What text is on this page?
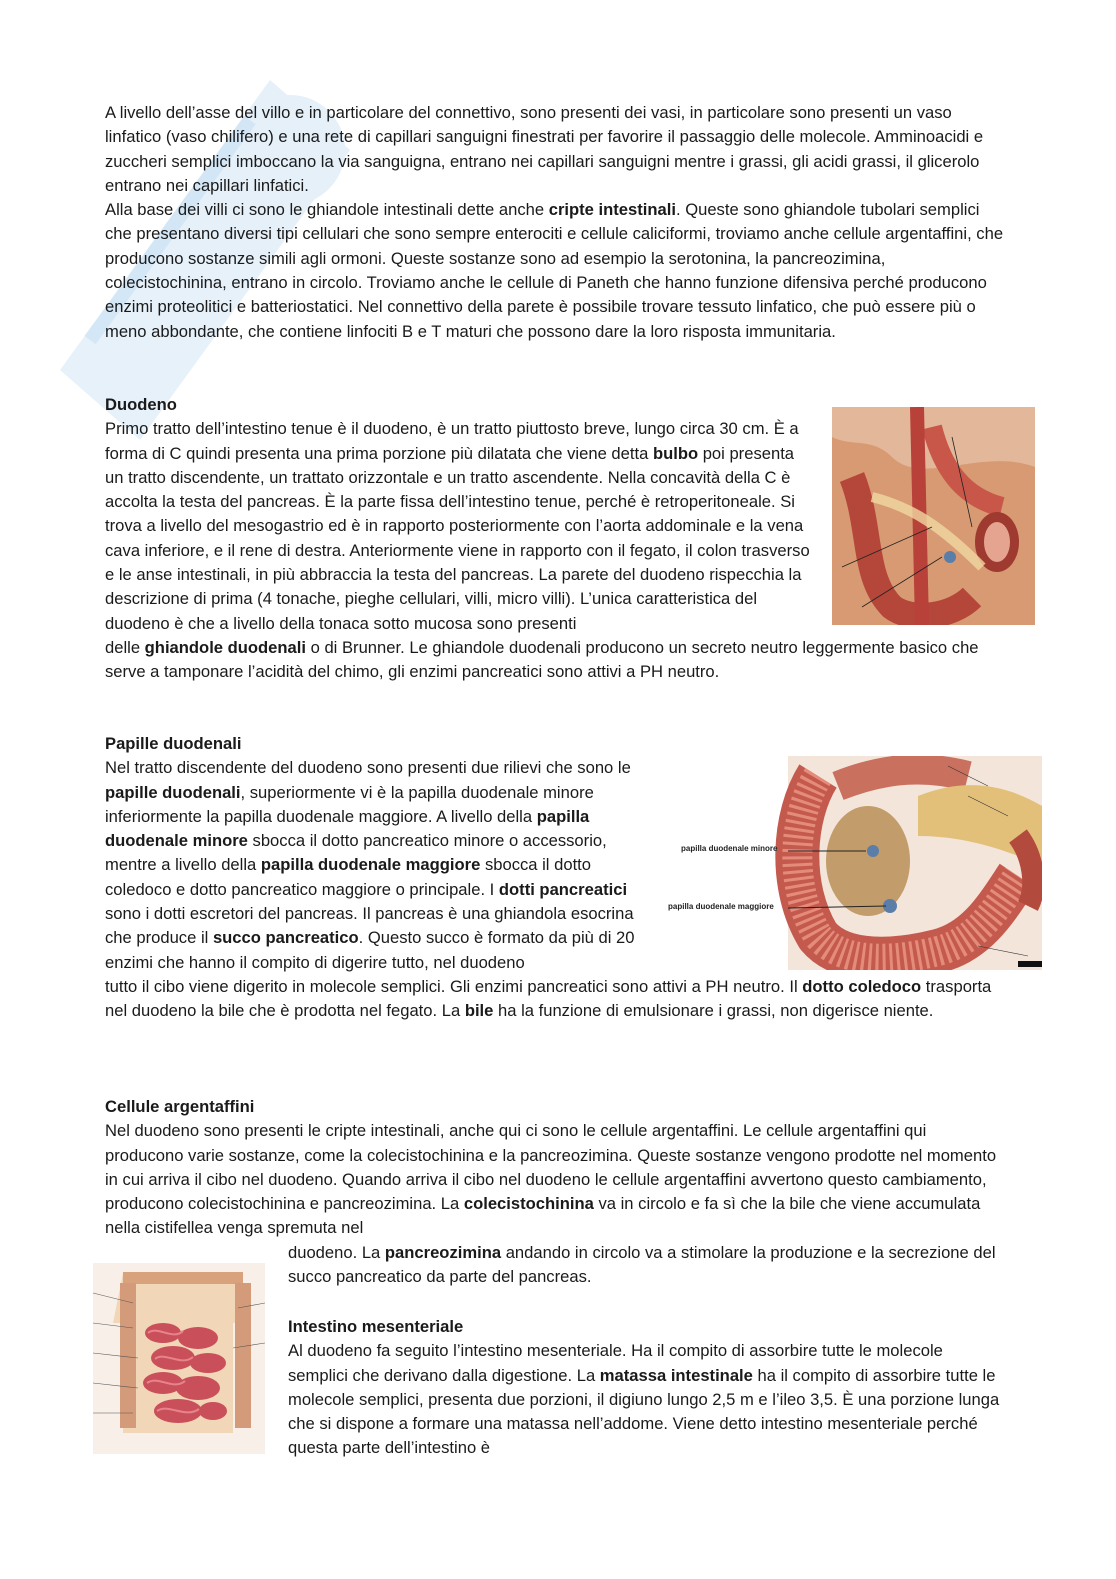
A livello dell’asse del villo e in particolare del connettivo, sono presenti dei vasi, in particolare sono presenti un vaso linfatico (vaso chilifero) e una rete di capillari sanguigni finestrati per favorire il passaggio delle molecole. Amminoacidi e zuccheri semplici imboccano la via sanguigna, entrano nei capillari sanguigni mentre i grassi, gli acidi grassi, il glicerolo entrano nei capillari linfatici.

Alla base dei villi ci sono le ghiandole intestinali dette anche cripte intestinali. Queste sono ghiandole tubolari semplici che presentano diversi tipi cellulari che sono sempre enterociti e cellule caliciformi, troviamo anche cellule argentaffini, che producono sostanze simili agli ormoni. Queste sostanze sono ad esempio la serotonina, la pancreozimina, colecistochinina, entrano in circolo. Troviamo anche le cellule di Paneth che hanno funzione difensiva perché producono enzimi proteolitici e batteriostatici. Nel connettivo della parete è possibile trovare tessuto linfatico, che può essere più o meno abbondante, che contiene linfociti B e T maturi che possono dare la loro risposta immunitaria.

Duodeno

Primo tratto dell’intestino tenue è il duodeno, è un tratto piuttosto breve, lungo circa 30 cm. È a forma di C quindi presenta una prima porzione più dilatata che viene detta bulbo poi presenta un tratto discendente, un trattato orizzontale e un tratto ascendente. Nella concavità della C è accolta la testa del pancreas. È la parte fissa dell’intestino tenue, perché è retroperitoneale. Si trova a livello del mesogastrio ed è in rapporto posteriormente con l’aorta addominale e la vena cava inferiore, e il rene di destra. Anteriormente viene in rapporto con il fegato, il colon trasverso e le anse intestinali, in più abbraccia la testa del pancreas. La parete del duodeno rispecchia la descrizione di prima (4 tonache, pieghe cellulari, villi, micro villi). L’unica caratteristica del duodeno è che a livello della tonaca sotto mucosa sono presenti

delle ghiandole duodenali o di Brunner. Le ghiandole duodenali producono un secreto neutro leggermente basico che serve a tamponare l’acidità del chimo, gli enzimi pancreatici sono attivi a PH neutro.

Papille duodenali

Nel tratto discendente del duodeno sono presenti due rilievi che sono le papille duodenali, superiormente vi è la papilla duodenale minore inferiormente la papilla duodenale maggiore. A livello della papilla duodenale minore sbocca il dotto pancreatico minore o accessorio, mentre a livello della papilla duodenale maggiore sbocca il dotto coledoco e dotto pancreatico maggiore o principale. I dotti pancreatici sono i dotti escretori del pancreas. Il pancreas è una ghiandola esocrina che produce il succo pancreatico. Questo succo è formato da più di 20 enzimi che hanno il compito di digerire tutto, nel duodeno

tutto il cibo viene digerito in molecole semplici. Gli enzimi pancreatici sono attivi a PH neutro. Il dotto coledoco trasporta nel duodeno la bile che è prodotta nel fegato. La bile ha la funzione di emulsionare i grassi, non digerisce niente.

papilla duodenale minore
papilla duodenale maggiore

Cellule argentaffini

Nel duodeno sono presenti le cripte intestinali, anche qui ci sono le cellule argentaffini. Le cellule argentaffini qui producono varie sostanze, come la colecistochinina e la pancreozimina. Queste sostanze vengono prodotte nel momento in cui arriva il cibo nel duodeno. Quando arriva il cibo nel duodeno le cellule argentaffini avvertono questo cambiamento, producono colecistochinina e pancreozimina. La colecistochinina va in circolo e fa sì che la bile che viene accumulata nella cistifellea venga spremuta nel

duodeno. La pancreozimina andando in circolo va a stimolare la produzione e la secrezione del succo pancreatico da parte del pancreas.

Intestino mesenteriale

Al duodeno fa seguito l’intestino mesenteriale. Ha il compito di assorbire tutte le molecole semplici che derivano dalla digestione. La matassa intestinale ha il compito di assorbire tutte le molecole semplici, presenta due porzioni, il digiuno lungo 2,5 m e l’ileo 3,5. È una porzione lunga che si dispone a formare una matassa nell’addome. Viene detto intestino mesenteriale perché questa parte dell’intestino è
